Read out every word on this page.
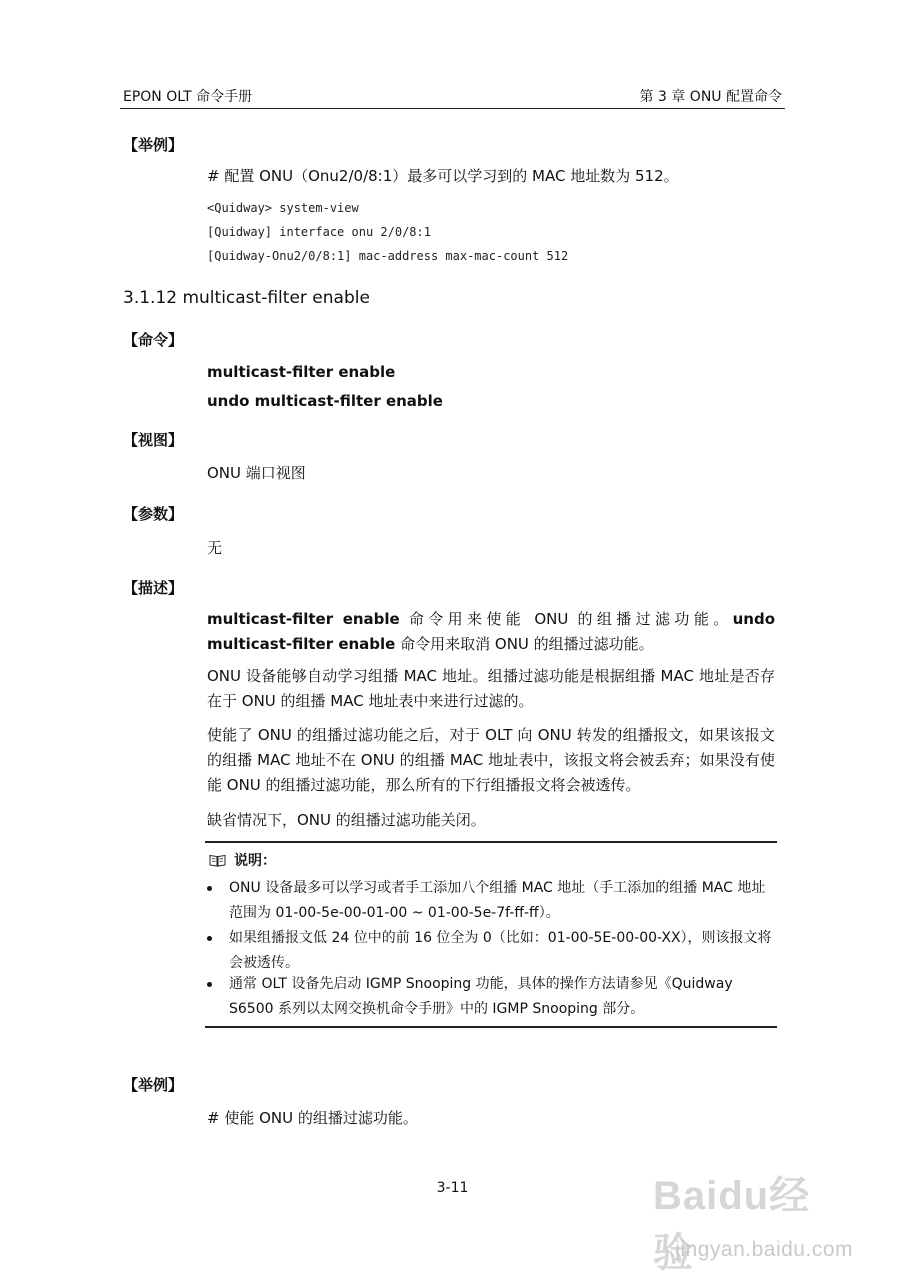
EPON OLT 命令手册	第 3 章 ONU 配置命令
【举例】
# 配置 ONU（Onu2/0/8:1）最多可以学习到的 MAC 地址数为 512。
<Quidway> system-view
[Quidway] interface onu 2/0/8:1
[Quidway-Onu2/0/8:1] mac-address max-mac-count 512
3.1.12 multicast-filter enable
【命令】
multicast-filter enable
undo multicast-filter enable
【视图】
ONU 端口视图
【参数】
无
【描述】
multicast-filter enable 命令用来使能 ONU 的组播过滤功能。undo multicast-filter enable 命令用来取消 ONU 的组播过滤功能。
ONU 设备能够自动学习组播 MAC 地址。组播过滤功能是根据组播 MAC 地址是否存在于 ONU 的组播 MAC 地址表中来进行过滤的。
使能了 ONU 的组播过滤功能之后，对于 OLT 向 ONU 转发的组播报文，如果该报文的组播 MAC 地址不在 ONU 的组播 MAC 地址表中，该报文将会被丢弃；如果没有使能 ONU 的组播过滤功能，那么所有的下行组播报文将会被透传。
缺省情况下，ONU 的组播过滤功能关闭。
说明：
ONU 设备最多可以学习或者手工添加八个组播 MAC 地址（手工添加的组播 MAC 地址范围为 01-00-5e-00-01-00 ~ 01-00-5e-7f-ff-ff）。
如果组播报文低 24 位中的前 16 位全为 0（比如：01-00-5E-00-00-XX），则该报文将会被透传。
通常 OLT 设备先启动 IGMP Snooping 功能，具体的操作方法请参见《Quidway S6500 系列以太网交换机命令手册》中的 IGMP Snooping 部分。
【举例】
# 使能 ONU 的组播过滤功能。
3-11	Baidu经验
jingyan.baidu.com
